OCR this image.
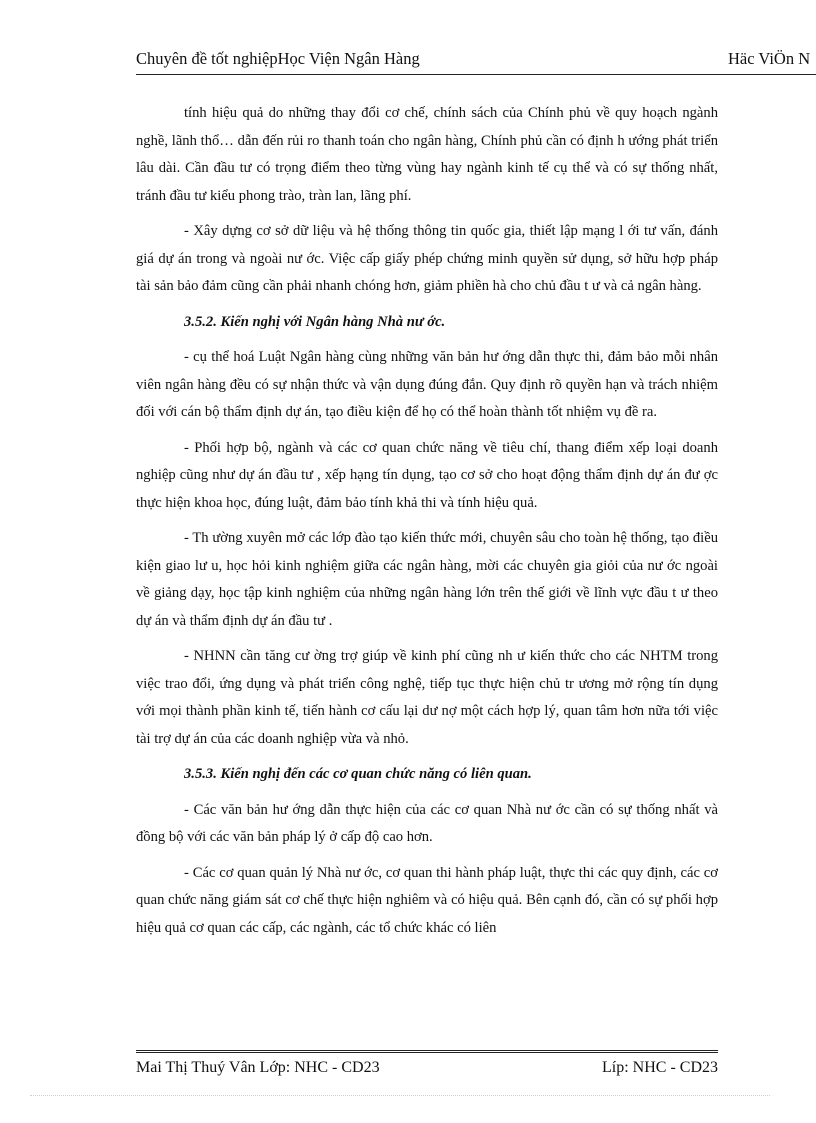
Chuyên đề tốt nghiệpHọc Viện Ngân Hàng	Häc ViÖn N

tính hiệu quả do những thay đổi cơ chế, chính sách của Chính phủ về quy hoạch ngành nghề, lãnh thổ… dẫn đến rủi ro thanh toán cho ngân hàng, Chính phủ cần có định h ướng phát triển lâu dài. Cần đầu tư có trọng điểm theo từng vùng hay ngành kinh tế cụ thể và có sự thống nhất, tránh đầu tư kiểu phong trào, tràn lan, lãng phí.

- Xây dựng cơ sở dữ liệu và hệ thống thông tin quốc gia, thiết lập mạng l ới tư vấn, đánh giá dự án trong và ngoài nư ớc. Việc cấp giấy phép chứng minh quyền sử dụng, sở hữu hợp pháp tài sản bảo đảm cũng cần phải nhanh chóng hơn, giảm phiền hà cho chủ đầu t ư và cả ngân hàng.

3.5.2. Kiến nghị với Ngân hàng Nhà nư ớc.

- cụ thể hoá Luật Ngân hàng cùng những văn bản hư ớng dẫn thực thi, đảm bảo mỗi nhân viên ngân hàng đều có sự nhận thức và vận dụng đúng đắn. Quy định rõ quyền hạn và trách nhiệm đối với cán bộ thẩm định dự án, tạo điều kiện để họ có thể hoàn thành tốt nhiệm vụ đề ra.

- Phối hợp bộ, ngành và các cơ quan chức năng về tiêu chí, thang điểm xếp loại doanh nghiệp cũng như dự án đầu tư , xếp hạng tín dụng, tạo cơ sở cho hoạt động thẩm định dự án đư ợc thực hiện khoa học, đúng luật, đảm bảo tính khả thi và tính hiệu quả.

- Th ường xuyên mở các lớp đào tạo kiến thức mới, chuyên sâu cho toàn hệ thống, tạo điều kiện giao lư u, học hỏi kinh nghiệm giữa các ngân hàng, mời các chuyên gia giỏi của nư ớc ngoài về giảng dạy, học tập kinh nghiệm của những ngân hàng lớn trên thế giới về lĩnh vực đầu t ư theo dự án và thẩm định dự án đầu tư .

- NHNN cần tăng cư ờng trợ giúp về kinh phí cũng nh ư kiến thức cho các NHTM trong việc trao đổi, ứng dụng và phát triển công nghệ, tiếp tục thực hiện chủ tr ương mở rộng tín dụng với mọi thành phần kinh tế, tiến hành cơ cấu lại dư nợ một cách hợp lý, quan tâm hơn nữa tới việc tài trợ dự án của các doanh nghiệp vừa và nhỏ.

3.5.3. Kiến nghị đến các cơ quan chức năng có liên quan.

- Các văn bản hư ớng dẫn thực hiện của các cơ quan Nhà nư ớc cần có sự thống nhất và đồng bộ với các văn bản pháp lý ở cấp độ cao hơn.

- Các cơ quan quản lý Nhà nư ớc, cơ quan thi hành pháp luật, thực thi các quy định, các cơ quan chức năng giám sát cơ chế thực hiện nghiêm và có hiệu quả. Bên cạnh đó, cần có sự phối hợp hiệu quả cơ quan các cấp, các ngành, các tổ chức khác có liên

Mai Thị Thuý Vân Lớp: NHC - CD23	Líp: NHC - CD23
